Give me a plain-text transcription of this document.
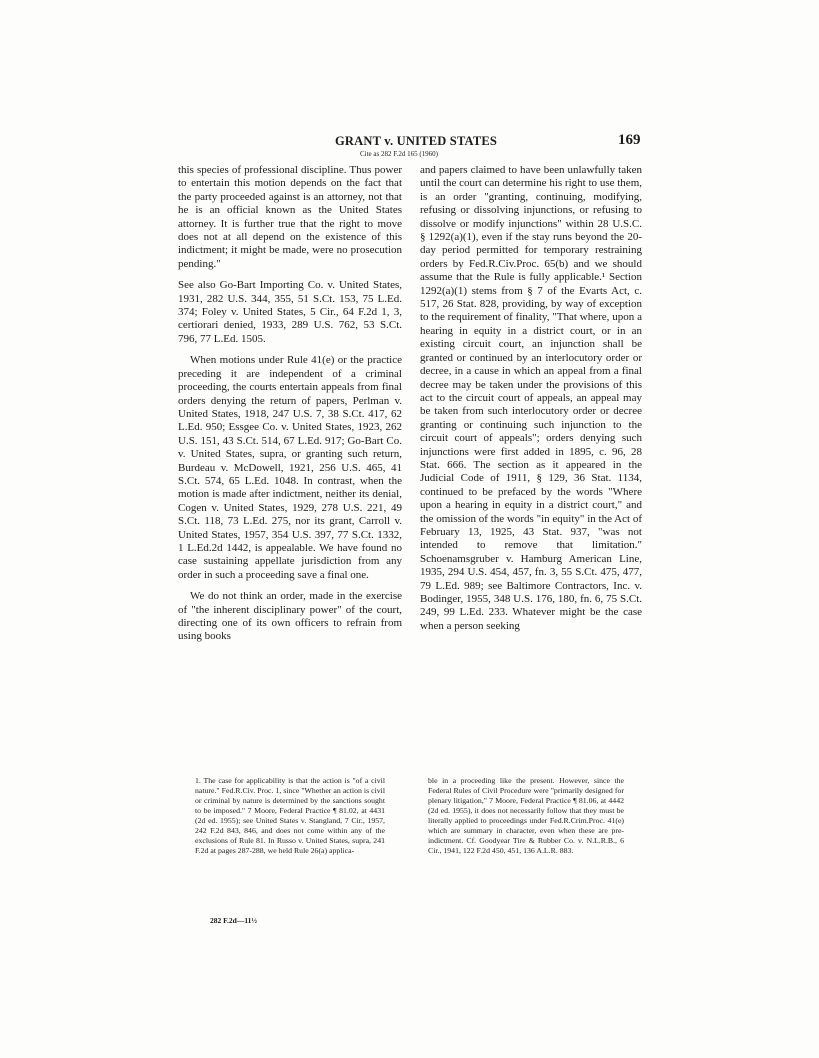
GRANT v. UNITED STATES
Cite as 282 F.2d 165 (1960)
169

this species of professional discipline. Thus power to entertain this motion depends on the fact that the party proceeded against is an attorney, not that he is an official known as the United States attorney. It is further true that the right to move does not at all depend on the existence of this indictment; it might be made, were no prosecution pending."

See also Go-Bart Importing Co. v. United States, 1931, 282 U.S. 344, 355, 51 S.Ct. 153, 75 L.Ed. 374; Foley v. United States, 5 Cir., 64 F.2d 1, 3, certiorari denied, 1933, 289 U.S. 762, 53 S.Ct. 796, 77 L.Ed. 1505.

When motions under Rule 41(e) or the practice preceding it are independent of a criminal proceeding, the courts entertain appeals from final orders denying the return of papers, Perlman v. United States, 1918, 247 U.S. 7, 38 S.Ct. 417, 62 L.Ed. 950; Essgee Co. v. United States, 1923, 262 U.S. 151, 43 S.Ct. 514, 67 L.Ed. 917; Go-Bart Co. v. United States, supra, or granting such return, Burdeau v. McDowell, 1921, 256 U.S. 465, 41 S.Ct. 574, 65 L.Ed. 1048. In contrast, when the motion is made after indictment, neither its denial, Cogen v. United States, 1929, 278 U.S. 221, 49 S.Ct. 118, 73 L.Ed. 275, nor its grant, Carroll v. United States, 1957, 354 U.S. 397, 77 S.Ct. 1332, 1 L.Ed.2d 1442, is appealable. We have found no case sustaining appellate jurisdiction from any order in such a proceeding save a final one.

We do not think an order, made in the exercise of "the inherent disciplinary power" of the court, directing one of its own officers to refrain from using books

and papers claimed to have been unlawfully taken until the court can determine his right to use them, is an order "granting, continuing, modifying, refusing or dissolving injunctions, or refusing to dissolve or modify injunctions" within 28 U.S.C. § 1292(a)(1), even if the stay runs beyond the 20-day period permitted for temporary restraining orders by Fed.R.Civ.Proc. 65(b) and we should assume that the Rule is fully applicable.¹ Section 1292(a)(1) stems from § 7 of the Evarts Act, c. 517, 26 Stat. 828, providing, by way of exception to the requirement of finality, "That where, upon a hearing in equity in a district court, or in an existing circuit court, an injunction shall be granted or continued by an interlocutory order or decree, in a cause in which an appeal from a final decree may be taken under the provisions of this act to the circuit court of appeals, an appeal may be taken from such interlocutory order or decree granting or continuing such injunction to the circuit court of appeals"; orders denying such injunctions were first added in 1895, c. 96, 28 Stat. 666. The section as it appeared in the Judicial Code of 1911, § 129, 36 Stat. 1134, continued to be prefaced by the words "Where upon a hearing in equity in a district court," and the omission of the words "in equity" in the Act of February 13, 1925, 43 Stat. 937, "was not intended to remove that limitation." Schoenamsgruber v. Hamburg American Line, 1935, 294 U.S. 454, 457, fn. 3, 55 S.Ct. 475, 477, 79 L.Ed. 989; see Baltimore Contractors, Inc. v. Bodinger, 1955, 348 U.S. 176, 180, fn. 6, 75 S.Ct. 249, 99 L.Ed. 233. Whatever might be the case when a person seeking

1. The case for applicability is that the action is "of a civil nature." Fed.R.Civ. Proc. 1, since "Whether an action is civil or criminal by nature is determined by the sanctions sought to be imposed." 7 Moore, Federal Practice ¶ 81.02, at 4431 (2d ed. 1955); see United States v. Stangland, 7 Cir., 1957, 242 F.2d 843, 846, and does not come within any of the exclusions of Rule 81. In Russo v. United States, supra, 241 F.2d at pages 287-288, we held Rule 26(a) applica-
ble in a proceeding like the present. However, since the Federal Rules of Civil Procedure were "primarily designed for plenary litigation," 7 Moore, Federal Practice ¶ 81.06, at 4442 (2d ed. 1955), it does not necessarily follow that they must be literally applied to proceedings under Fed.R.Crim.Proc. 41(e) which are summary in character, even when these are pre-indictment. Cf. Goodyear Tire & Rubber Co. v. N.L.R.B., 6 Cir., 1941, 122 F.2d 450, 451, 136 A.L.R. 883.
282 F.2d—11½
